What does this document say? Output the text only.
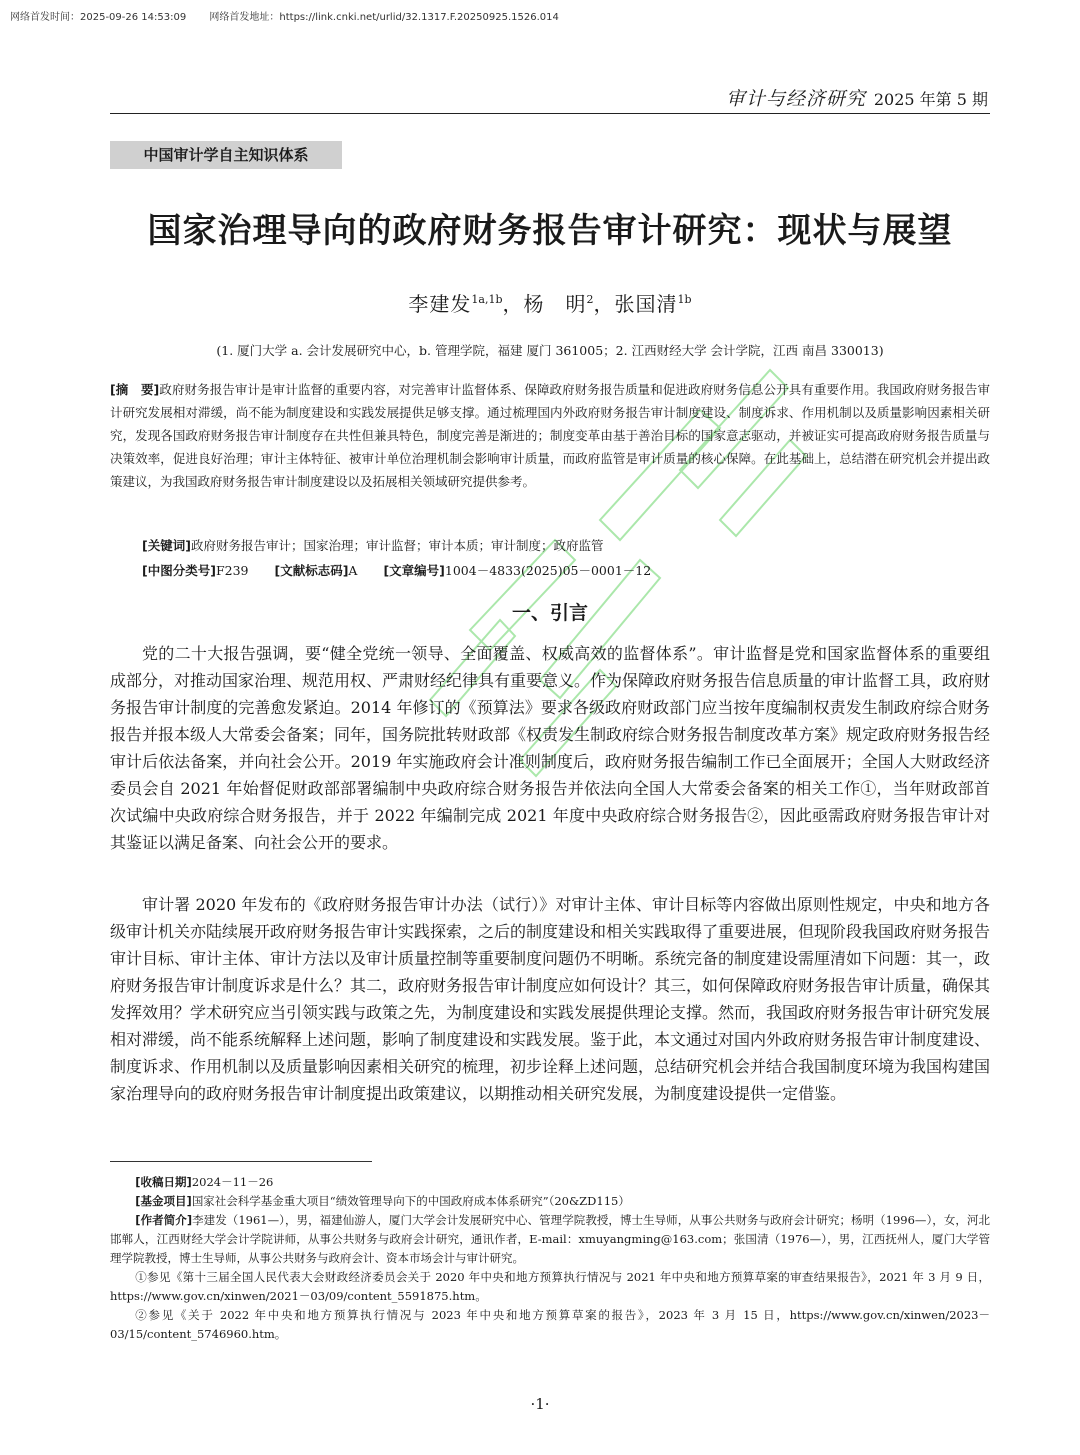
网络首发时间：2025-09-26 14:53:09 网络首发地址：https://link.cnki.net/urlid/32.1317.F.20250925.1526.014
审计与经济研究 2025 年第 5 期
中国审计学自主知识体系
国家治理导向的政府财务报告审计研究：现状与展望
李建发$^{1a,1b}$，杨　明$^2$，张国清$^{1b}$
(1. 厦门大学 a. 会计发展研究中心，b. 管理学院，福建 厦门 361005；2. 江西财经大学 会计学院，江西 南昌 330013)
[摘　要]政府财务报告审计是审计监督的重要内容，对完善审计监督体系、保障政府财务报告质量和促进政府财务信息公开具有重要作用。我国政府财务报告审计研究发展相对滞缓，尚不能为制度建设和实践发展提供足够支撑。通过梳理国内外政府财务报告审计制度建设、制度诉求、作用机制以及质量影响因素相关研究，发现各国政府财务报告审计制度存在共性但兼具特色，制度完善是渐进的；制度变革由基于善治目标的国家意志驱动，并被证实可提高政府财务报告质量与决策效率，促进良好治理；审计主体特征、被审计单位治理机制会影响审计质量，而政府监管是审计质量的核心保障。在此基础上，总结潜在研究机会并提出政策建议，为我国政府财务报告审计制度建设以及拓展相关领域研究提供参考。
[关键词]政府财务报告审计；国家治理；审计监督；审计本质；审计制度；政府监管
[中图分类号]F239 [文献标志码]A [文章编号]1004－4833(2025)05－0001－12
一、引言

党的二十大报告强调，要“健全党统一领导、全面覆盖、权威高效的监督体系”。审计监督是党和国家监督体系的重要组成部分，对推动国家治理、规范用权、严肃财经纪律具有重要意义。作为保障政府财务报告信息质量的审计监督工具，政府财务报告审计制度的完善愈发紧迫。2014 年修订的《预算法》要求各级政府财政部门应当按年度编制权责发生制政府综合财务报告并报本级人大常委会备案；同年，国务院批转财政部《权责发生制政府综合财务报告制度改革方案》规定政府财务报告经审计后依法备案，并向社会公开。2019 年实施政府会计准则制度后，政府财务报告编制工作已全面展开；全国人大财政经济委员会自 2021 年始督促财政部部署编制中央政府综合财务报告并依法向全国人大常委会备案的相关工作①，当年财政部首次试编中央政府综合财务报告，并于 2022 年编制完成 2021 年度中央政府综合财务报告②，因此亟需政府财务报告审计对其鉴证以满足备案、向社会公开的要求。

审计署 2020 年发布的《政府财务报告审计办法（试行）》对审计主体、审计目标等内容做出原则性规定，中央和地方各级审计机关亦陆续展开政府财务报告审计实践探索，之后的制度建设和相关实践取得了重要进展，但现阶段我国政府财务报告审计目标、审计主体、审计方法以及审计质量控制等重要制度问题仍不明晰。系统完备的制度建设需厘清如下问题：其一，政府财务报告审计制度诉求是什么？其二，政府财务报告审计制度应如何设计？其三，如何保障政府财务报告审计质量，确保其发挥效用？学术研究应当引领实践与政策之先，为制度建设和实践发展提供理论支撑。然而，我国政府财务报告审计研究发展相对滞缓，尚不能系统解释上述问题，影响了制度建设和实践发展。鉴于此，本文通过对国内外政府财务报告审计制度建设、制度诉求、作用机制以及质量影响因素相关研究的梳理，初步诠释上述问题，总结研究机会并结合我国制度环境为我国构建国家治理导向的政府财务报告审计制度提出政策建议，以期推动相关研究发展，为制度建设提供一定借鉴。

[收稿日期]2024－11－26

[基金项目]国家社会科学基金重大项目“绩效管理导向下的中国政府成本体系研究”（20&ZD115）

[作者简介]李建发（1961—），男，福建仙游人，厦门大学会计发展研究中心、管理学院教授，博士生导师，从事公共财务与政府会计研究；杨明（1996—），女，河北邯郸人，江西财经大学会计学院讲师，从事公共财务与政府会计研究，通讯作者，E-mail：xmuyangming@163.com；张国清（1976—），男，江西抚州人，厦门大学管理学院教授，博士生导师，从事公共财务与政府会计、资本市场会计与审计研究。

①参见《第十三届全国人民代表大会财政经济委员会关于 2020 年中央和地方预算执行情况与 2021 年中央和地方预算草案的审查结果报告》，2021 年 3 月 9 日，https://www.gov.cn/xinwen/2021－03/09/content_5591875.htm。

②参见《关于 2022 年中央和地方预算执行情况与 2023 年中央和地方预算草案的报告》，2023 年 3 月 15 日，https://www.gov.cn/xinwen/2023－03/15/content_5746960.htm。

·1·
